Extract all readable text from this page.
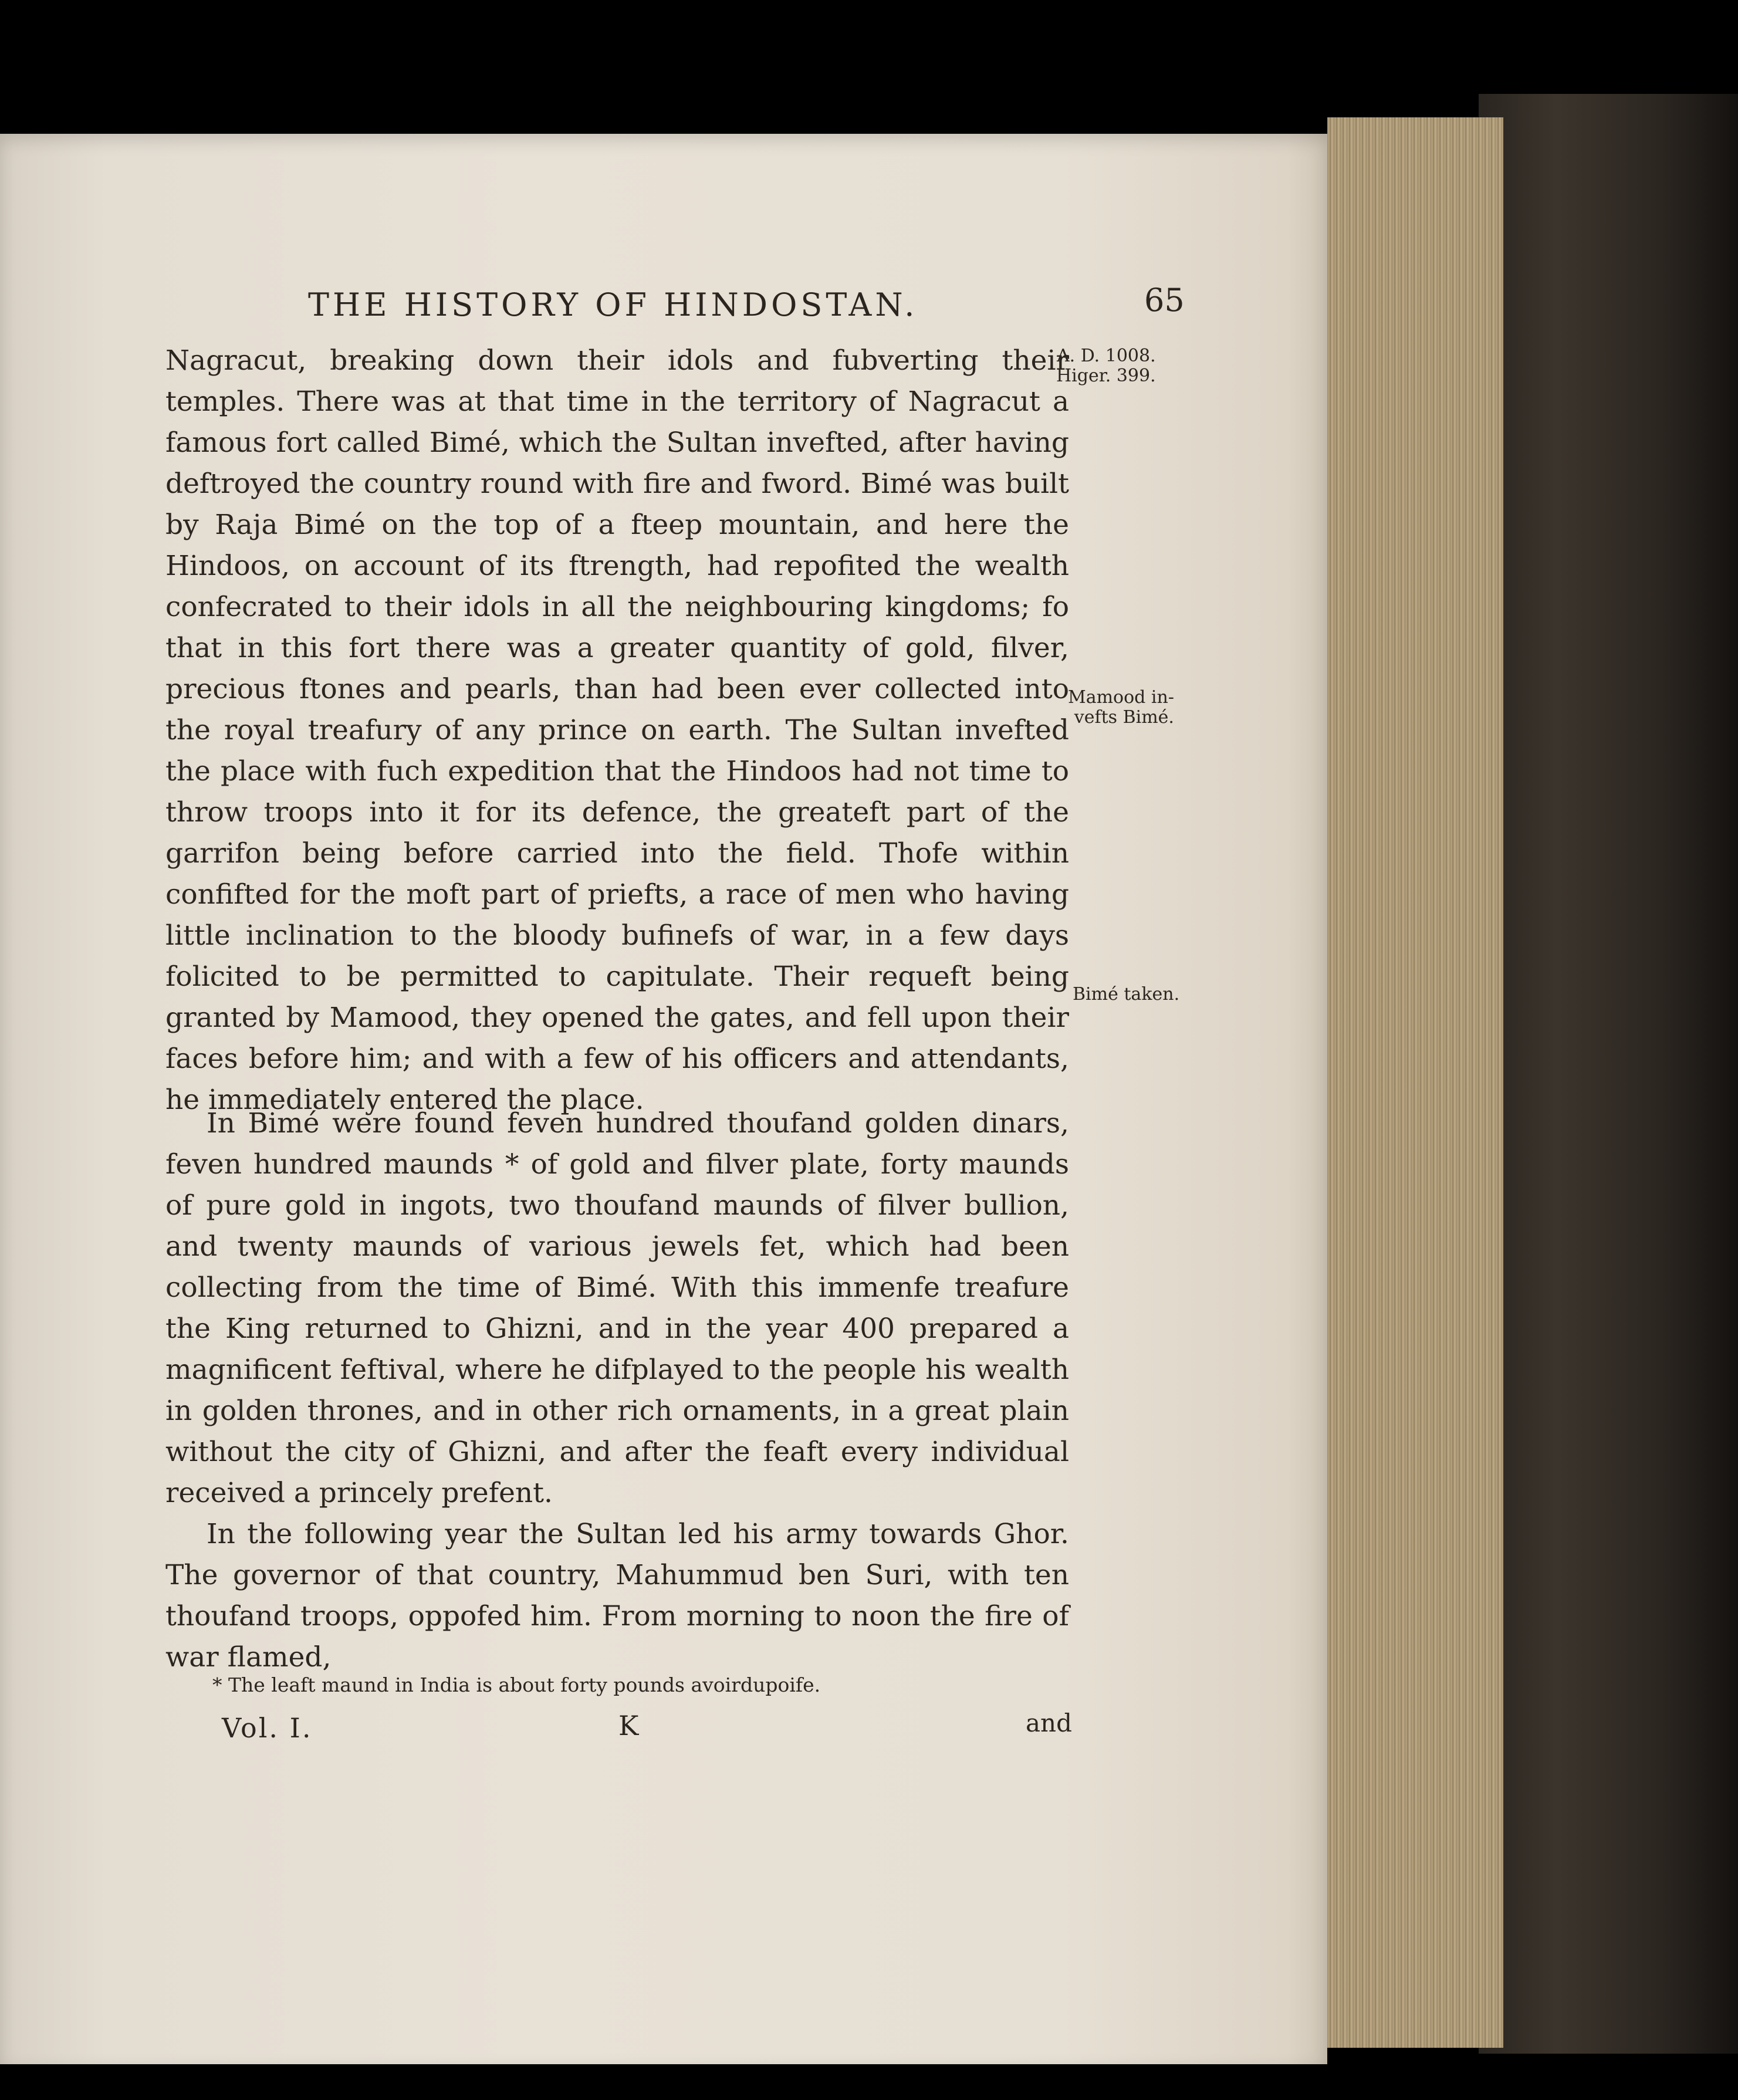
THE HISTORY OF HINDOSTAN.	65
Nagracut, breaking down their idols and fubverting their temples. There was at that time in the territory of Nagracut a famous fort called Bimé, which the Sultan invefted, after having deftroyed the country round with fire and fword. Bimé was built by Raja Bimé on the top of a fteep mountain, and here the Hindoos, on account of its ftrength, had repofited the wealth confecrated to their idols in all the neighbouring kingdoms; fo that in this fort there was a greater quantity of gold, filver, precious ftones and pearls, than had been ever collected into the royal treafury of any prince on earth. The Sultan invefted the place with fuch expedition that the Hindoos had not time to throw troops into it for its defence, the greateft part of the garrifon being before carried into the field. Thofe within confifted for the moft part of priefts, a race of men who having little inclination to the bloody bufinefs of war, in a few days folicited to be permitted to capitulate. Their requeft being granted by Mamood, they opened the gates, and fell upon their faces before him; and with a few of his officers and attendants, he immediately entered the place.
In Bimé were found feven hundred thoufand golden dinars, feven hundred maunds * of gold and filver plate, forty maunds of pure gold in ingots, two thoufand maunds of filver bullion, and twenty maunds of various jewels fet, which had been collecting from the time of Bimé. With this immenfe treafure the King returned to Ghizni, and in the year 400 prepared a magnificent feftival, where he difplayed to the people his wealth in golden thrones, and in other rich ornaments, in a great plain without the city of Ghizni, and after the feaft every individual received a princely prefent.
In the following year the Sultan led his army towards Ghor. The governor of that country, Mahummud ben Suri, with ten thoufand troops, oppofed him. From morning to noon the fire of war flamed,
A. D. 1008.
Higer. 399.
Mamood in-
vefts Bimé.
Bimé taken.
* The leaft maund in India is about forty pounds avoirdupoife.
Vol. I.	K	and
